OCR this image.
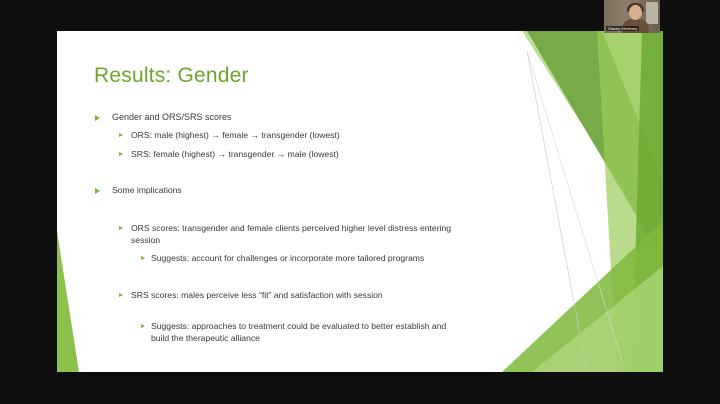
Results: Gender
Gender and ORS/SRS scores
ORS: male (highest) → female → transgender (lowest)
SRS: female (highest) → transgender → male (lowest)
Some implications
ORS scores: transgender and female clients perceived higher level distress entering
session
Suggests: account for challenges or incorporate more tailored programs
SRS scores: males perceive less “fit” and satisfaction with session
Suggests: approaches to treatment could be evaluated to better establish and
build the therapeutic alliance
Stacey McHenry
